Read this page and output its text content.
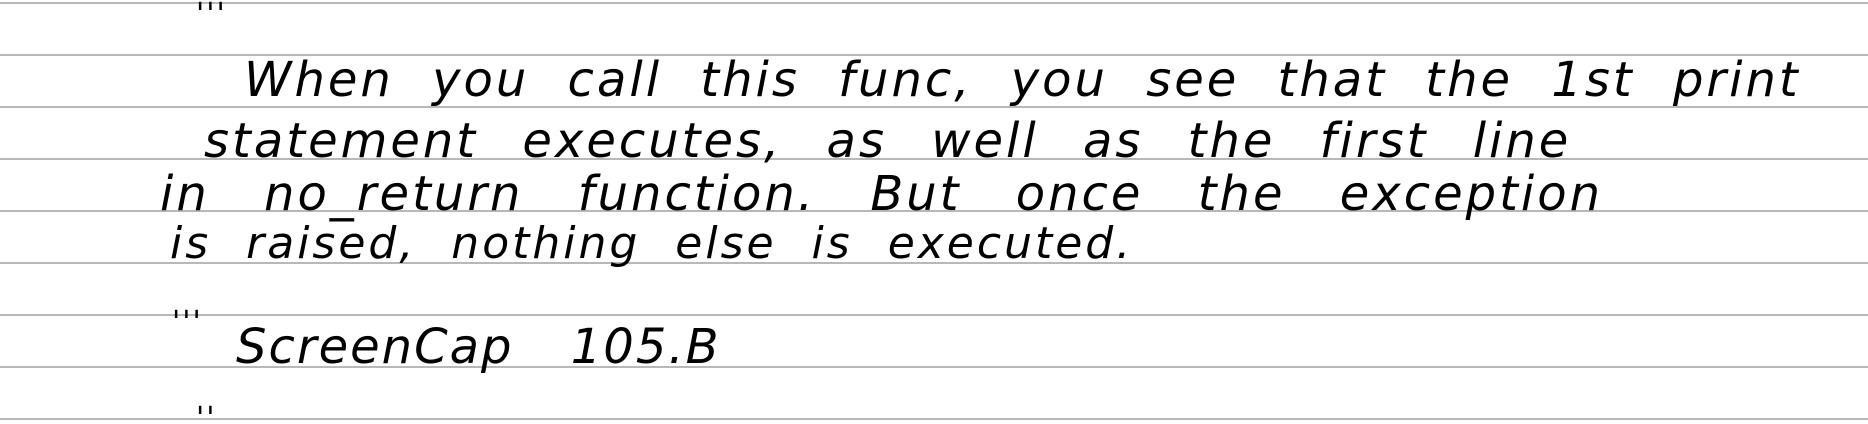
'''
When you call this func, you see that the 1st print
statement executes, as well as the first line
in no_return function. But once the exception
is raised, nothing else is executed.
''' ScreenCap 105.B
''
